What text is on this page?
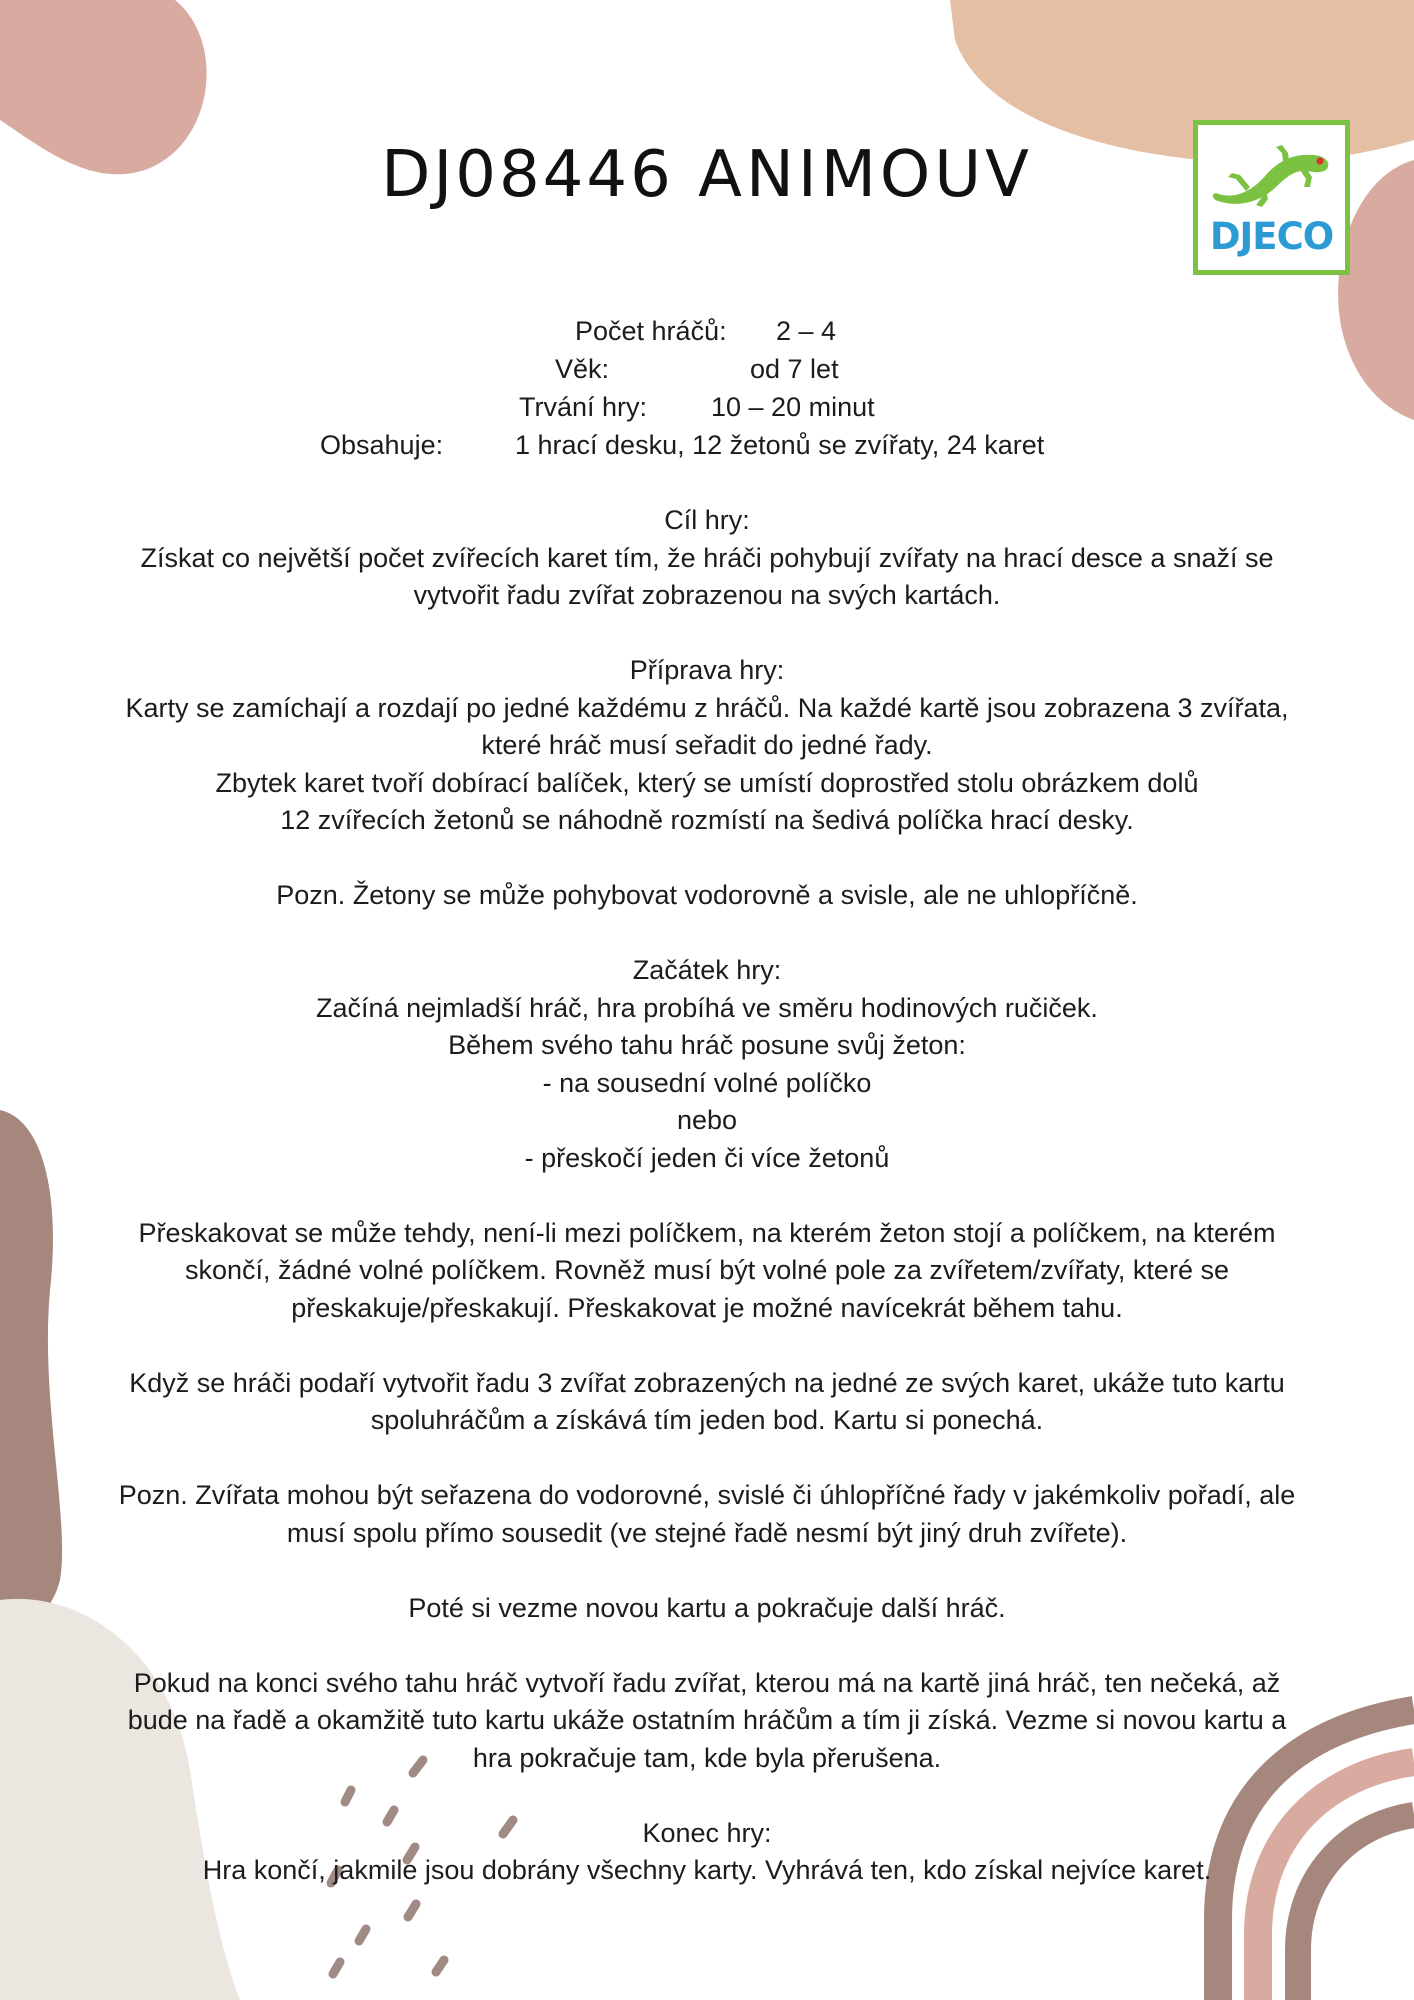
DJ08446 ANIMOUV
DJECO
Počet hráčů: 2 – 4
Věk:	od 7 let
Trvání hry: 10 – 20 minut
Obsahuje:	1 hrací desku, 12 žetonů se zvířaty, 24 karet

Cíl hry:

Získat co největší počet zvířecích karet tím, že hráči pohybují zvířaty na hrací desce a snaží se

vytvořit řadu zvířat zobrazenou na svých kartách.

Příprava hry:

Karty se zamíchají a rozdají po jedné každému z hráčů. Na každé kartě jsou zobrazena 3 zvířata,

které hráč musí seřadit do jedné řady.

Zbytek karet tvoří dobírací balíček, který se umístí doprostřed stolu obrázkem dolů

12 zvířecích žetonů se náhodně rozmístí na šedivá políčka hrací desky.

Pozn. Žetony se může pohybovat vodorovně a svisle, ale ne uhlopříčně.

Začátek hry:

Začíná nejmladší hráč, hra probíhá ve směru hodinových ručiček.

Během svého tahu hráč posune svůj žeton:

- na sousední volné políčko

nebo

- přeskočí jeden či více žetonů

Přeskakovat se může tehdy, není-li mezi políčkem, na kterém žeton stojí a políčkem, na kterém

skončí, žádné volné políčkem. Rovněž musí být volné pole za zvířetem/zvířaty, které se

přeskakuje/přeskakují. Přeskakovat je možné navícekrát během tahu.

Když se hráči podaří vytvořit řadu 3 zvířat zobrazených na jedné ze svých karet, ukáže tuto kartu

spoluhráčům a získává tím jeden bod. Kartu si ponechá.

Pozn. Zvířata mohou být seřazena do vodorovné, svislé či úhlopříčné řady v jakémkoliv pořadí, ale

musí spolu přímo sousedit (ve stejné řadě nesmí být jiný druh zvířete).

Poté si vezme novou kartu a pokračuje další hráč.

Pokud na konci svého tahu hráč vytvoří řadu zvířat, kterou má na kartě jiná hráč, ten nečeká, až

bude na řadě a okamžitě tuto kartu ukáže ostatním hráčům a tím ji získá. Vezme si novou kartu a

hra pokračuje tam, kde byla přerušena.

Konec hry:

Hra končí, jakmile jsou dobrány všechny karty. Vyhrává ten, kdo získal nejvíce karet.
